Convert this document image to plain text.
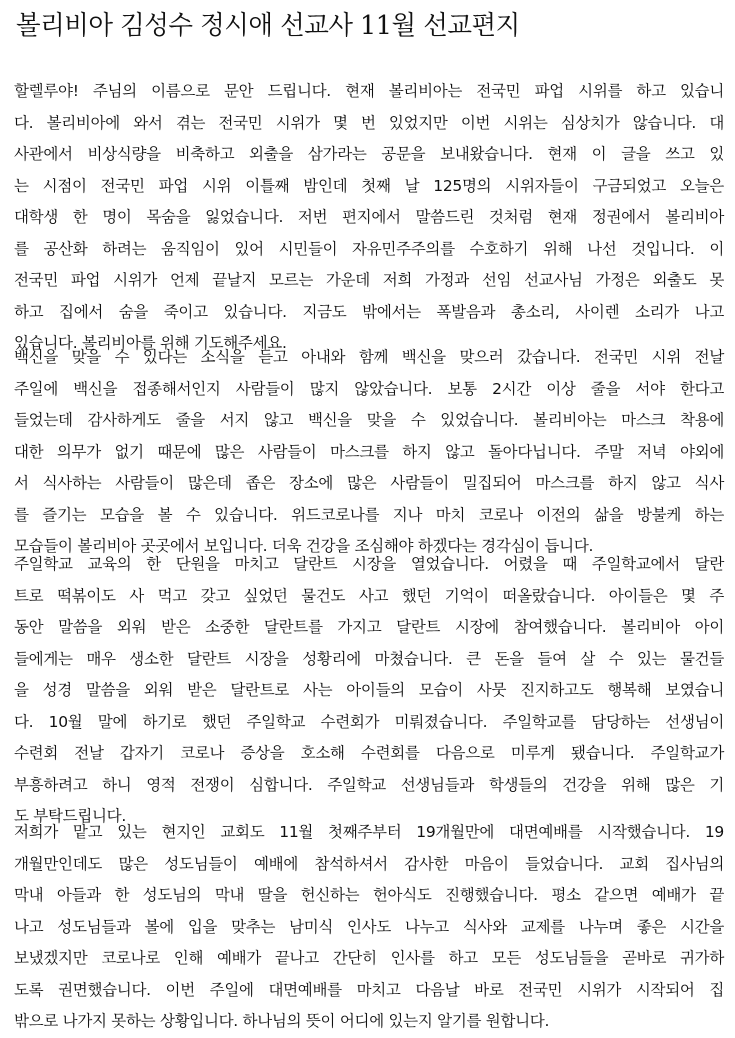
볼리비아 김성수 정시애 선교사 11월 선교편지
할렐루야! 주님의 이름으로 문안 드립니다. 현재 볼리비아는 전국민 파업 시위를 하고 있습니
다. 볼리비아에 와서 겪는 전국민 시위가 몇 번 있었지만 이번 시위는 심상치가 않습니다. 대
사관에서 비상식량을 비축하고 외출을 삼가라는 공문을 보내왔습니다. 현재 이 글을 쓰고 있
는 시점이 전국민 파업 시위 이틀째 밤인데 첫째 날 125명의 시위자들이 구금되었고 오늘은
대학생 한 명이 목숨을 잃었습니다. 저번 편지에서 말씀드린 것처럼 현재 정권에서 볼리비아
를 공산화 하려는 움직임이 있어 시민들이 자유민주주의를 수호하기 위해 나선 것입니다. 이
전국민 파업 시위가 언제 끝날지 모르는 가운데 저희 가정과 선임 선교사님 가정은 외출도 못
하고 집에서 숨을 죽이고 있습니다. 지금도 밖에서는 폭발음과 총소리, 사이렌 소리가 나고
있습니다. 볼리비아를 위해 기도해주세요.
백신을 맞을 수 있다는 소식을 듣고 아내와 함께 백신을 맞으러 갔습니다. 전국민 시위 전날
주일에 백신을 접종해서인지 사람들이 많지 않았습니다. 보통 2시간 이상 줄을 서야 한다고
들었는데 감사하게도 줄을 서지 않고 백신을 맞을 수 있었습니다. 볼리비아는 마스크 착용에
대한 의무가 없기 때문에 많은 사람들이 마스크를 하지 않고 돌아다닙니다. 주말 저녁 야외에
서 식사하는 사람들이 많은데 좁은 장소에 많은 사람들이 밀집되어 마스크를 하지 않고 식사
를 즐기는 모습을 볼 수 있습니다. 위드코로나를 지나 마치 코로나 이전의 삶을 방불케 하는
모습들이 볼리비아 곳곳에서 보입니다. 더욱 건강을 조심해야 하겠다는 경각심이 듭니다.
주일학교 교육의 한 단원을 마치고 달란트 시장을 열었습니다. 어렸을 때 주일학교에서 달란
트로 떡볶이도 사 먹고 갖고 싶었던 물건도 사고 했던 기억이 떠올랐습니다. 아이들은 몇 주
동안 말씀을 외워 받은 소중한 달란트를 가지고 달란트 시장에 참여했습니다. 볼리비아 아이
들에게는 매우 생소한 달란트 시장을 성황리에 마쳤습니다. 큰 돈을 들여 살 수 있는 물건들
을 성경 말씀을 외워 받은 달란트로 사는 아이들의 모습이 사뭇 진지하고도 행복해 보였습니
다. 10월 말에 하기로 했던 주일학교 수련회가 미뤄졌습니다. 주일학교를 담당하는 선생님이
수련회 전날 갑자기 코로나 증상을 호소해 수련회를 다음으로 미루게 됐습니다. 주일학교가
부흥하려고 하니 영적 전쟁이 심합니다. 주일학교 선생님들과 학생들의 건강을 위해 많은 기
도 부탁드립니다.
저희가 맡고 있는 현지인 교회도 11월 첫째주부터 19개월만에 대면예배를 시작했습니다. 19
개월만인데도 많은 성도님들이 예배에 참석하셔서 감사한 마음이 들었습니다. 교회 집사님의
막내 아들과 한 성도님의 막내 딸을 헌신하는 헌아식도 진행했습니다. 평소 같으면 예배가 끝
나고 성도님들과 볼에 입을 맞추는 남미식 인사도 나누고 식사와 교제를 나누며 좋은 시간을
보냈겠지만 코로나로 인해 예배가 끝나고 간단히 인사를 하고 모든 성도님들을 곧바로 귀가하
도록 권면했습니다. 이번 주일에 대면예배를 마치고 다음날 바로 전국민 시위가 시작되어 집
밖으로 나가지 못하는 상황입니다. 하나님의 뜻이 어디에 있는지 알기를 원합니다.
